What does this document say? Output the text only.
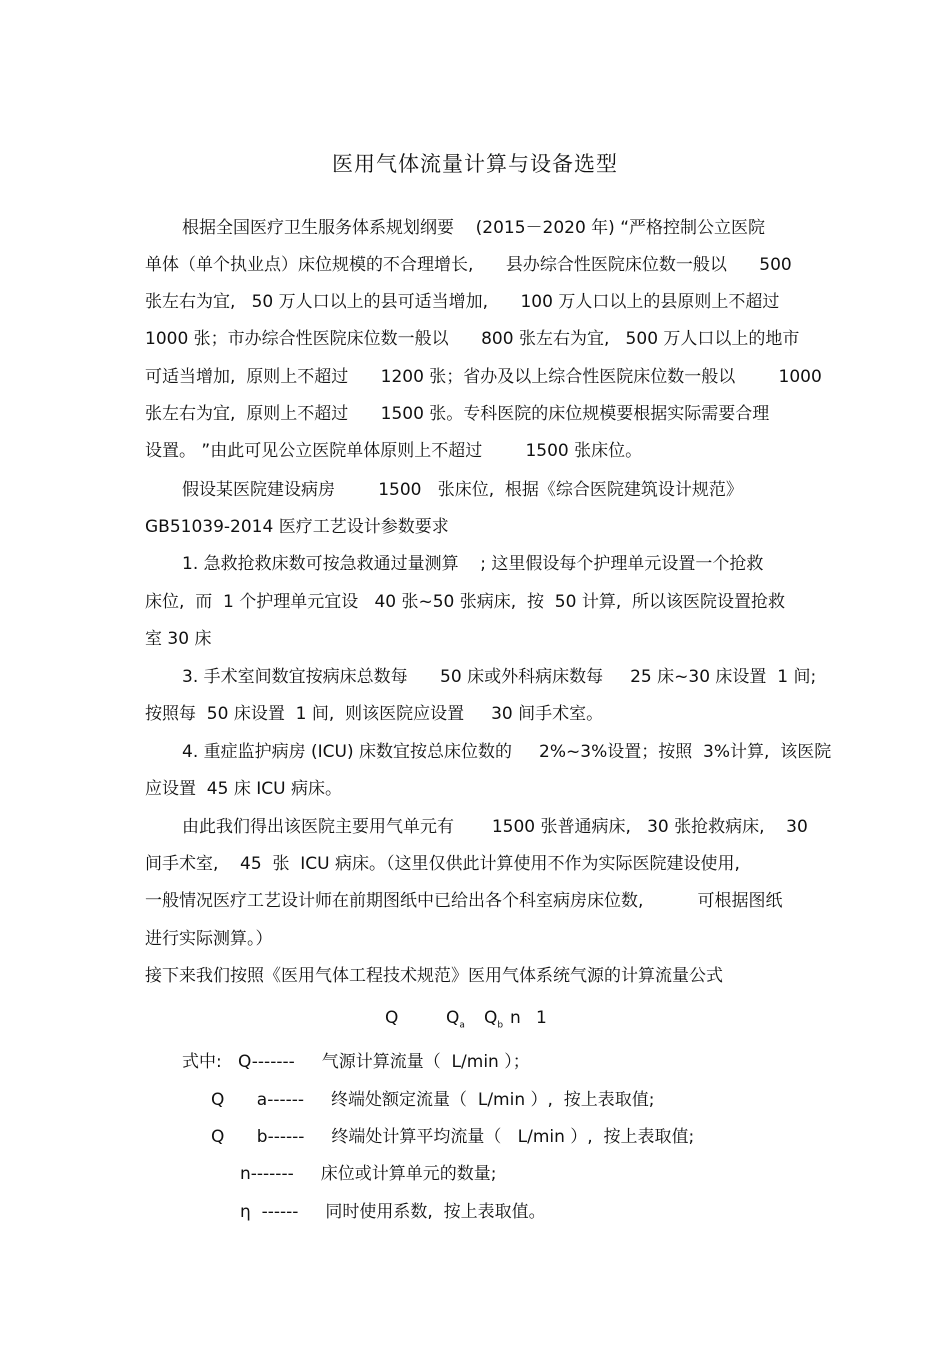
医用气体流量计算与设备选型
根据全国医疗卫生服务体系规划纲要    (2015－2020 年) “严格控制公立医院
单体（单个执业点）床位规模的不合理增长,      县办综合性医院床位数一般以      500
张左右为宜,   50 万人口以上的县可适当增加,      100 万人口以上的县原则上不超过
1000 张；市办综合性医院床位数一般以      800 张左右为宜,   500 万人口以上的地市
可适当增加,  原则上不超过      1200 张；省办及以上综合性医院床位数一般以        1000
张左右为宜,  原则上不超过      1500 张。专科医院的床位规模要根据实际需要合理
设置。 ”由此可见公立医院单体原则上不超过        1500 张床位。
假设某医院建设病房        1500   张床位,  根据《综合医院建筑设计规范》
GB51039-2014 医疗工艺设计参数要求
1. 急救抢救床数可按急救通过量测算    ; 这里假设每个护理单元设置一个抢救
床位,  而  1 个护理单元宜设   40 张~50 张病床,  按  50 计算,  所以该医院设置抢救
室 30 床
3. 手术室间数宜按病床总数每      50 床或外科病床数每     25 床~30 床设置  1 间;
按照每  50 床设置  1 间,  则该医院应设置     30 间手术室。
4. 重症监护病房 (ICU) 床数宜按总床位数的     2%~3%设置；按照  3%计算,  该医院
应设置  45 床 ICU 病床。
由此我们得出该医院主要用气单元有       1500 张普通病床,   30 张抢救病床,    30
间手术室,    45  张  ICU 病床。（这里仅供此计算使用不作为实际医院建设使用,
一般情况医疗工艺设计师在前期图纸中已给出各个科室病房床位数,          可根据图纸
进行实际测算。）
接下来我们按照《医用气体工程技术规范》医用气体系统气源的计算流量公式
Q	$Q_a$ $Q_b$ n 1
式中:   Q-------     气源计算流量（  L/min ）；
Q      a------     终端处额定流量（  L/min ）,  按上表取值;
Q      b------     终端处计算平均流量（   L/min ）,  按上表取值;
n-------     床位或计算单元的数量;
η  ------     同时使用系数,  按上表取值。
